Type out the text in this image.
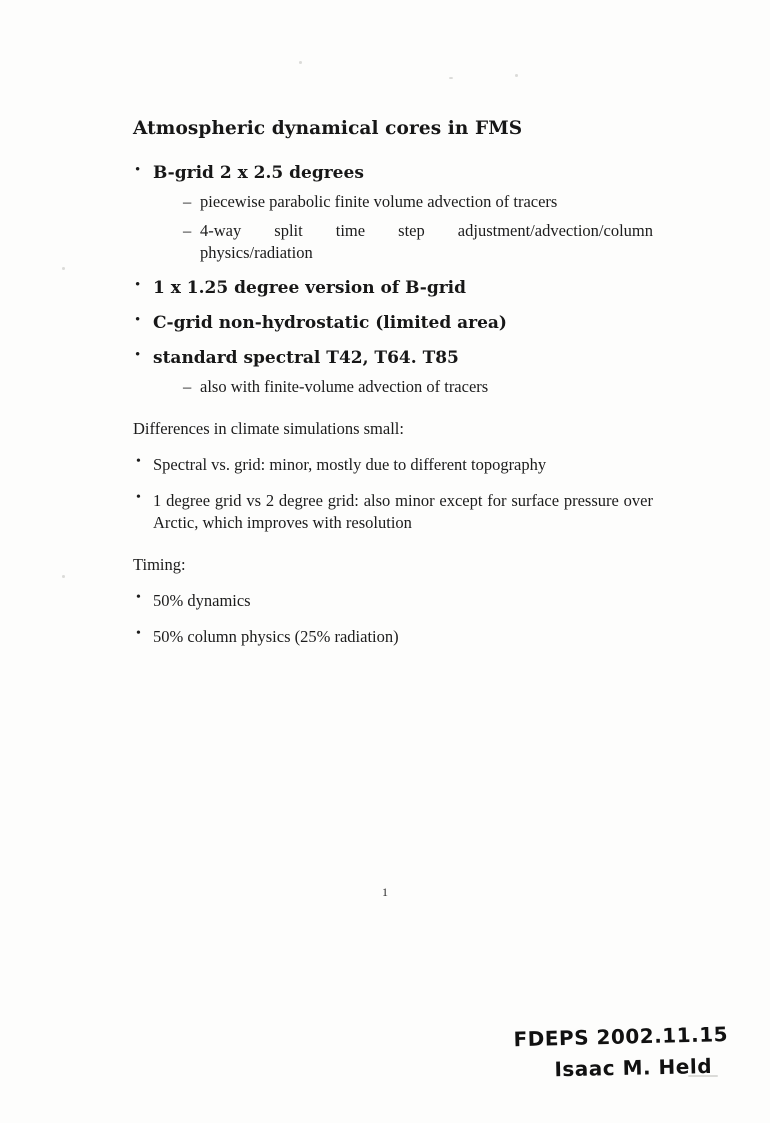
Atmospheric dynamical cores in FMS
• B-grid 2 x 2.5 degrees
– piecewise parabolic finite volume advection of tracers
– 4-way split time step adjustment/advection/column physics/radiation
• 1 x 1.25 degree version of B-grid
• C-grid non-hydrostatic (limited area)
• standard spectral T42, T64. T85
– also with finite-volume advection of tracers

Differences in climate simulations small:

• Spectral vs. grid: minor, mostly due to different topography
• 1 degree grid vs 2 degree grid: also minor except for surface pressure over Arctic, which improves with resolution

Timing:

• 50% dynamics
• 50% column physics (25% radiation)
1
FDEPS 2002.11.15
Isaac M. Held
